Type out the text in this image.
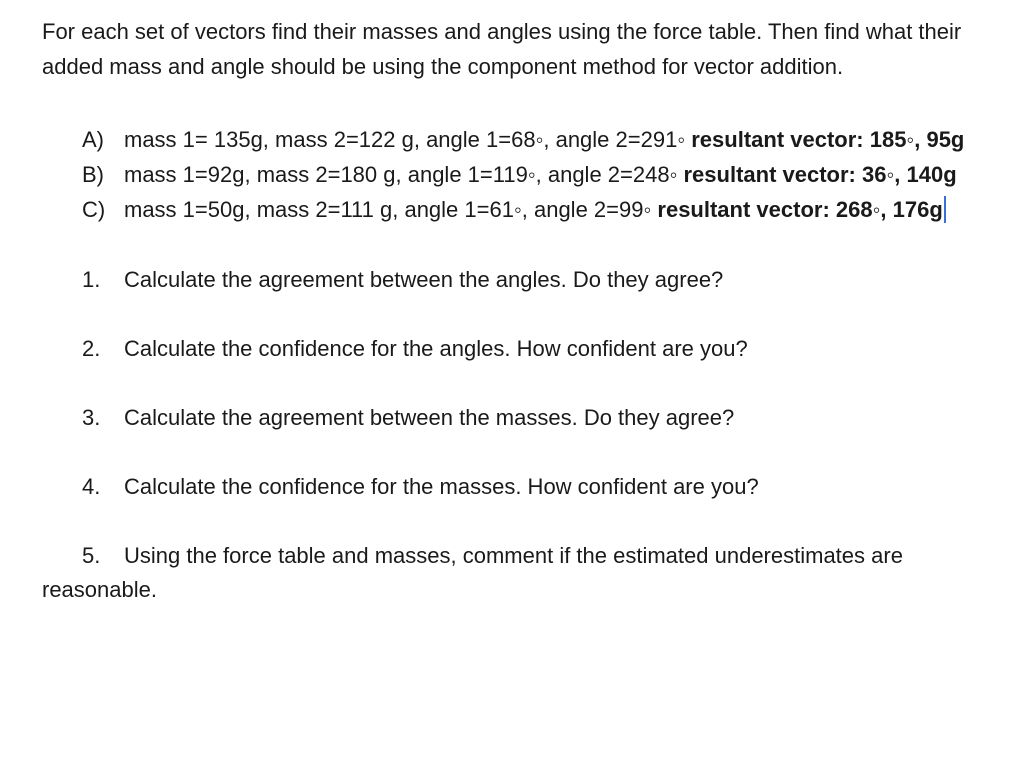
For each set of vectors find their masses and angles using the force table. Then find what their added mass and angle should be using the component method for vector addition.

A) mass 1= 135g, mass 2=122 g, angle 1=68◦, angle 2=291◦ resultant vector: 185◦, 95g
B) mass 1=92g, mass 2=180 g, angle 1=119◦, angle 2=248◦ resultant vector: 36◦, 140g
C) mass 1=50g, mass 2=111 g, angle 1=61◦, angle 2=99◦ resultant vector: 268◦, 176g
1. Calculate the agreement between the angles. Do they agree?
2. Calculate the confidence for the angles. How confident are you?
3. Calculate the agreement between the masses. Do they agree?
4. Calculate the confidence for the masses. How confident are you?
5. Using the force table and masses, comment if the estimated underestimates are reasonable.
